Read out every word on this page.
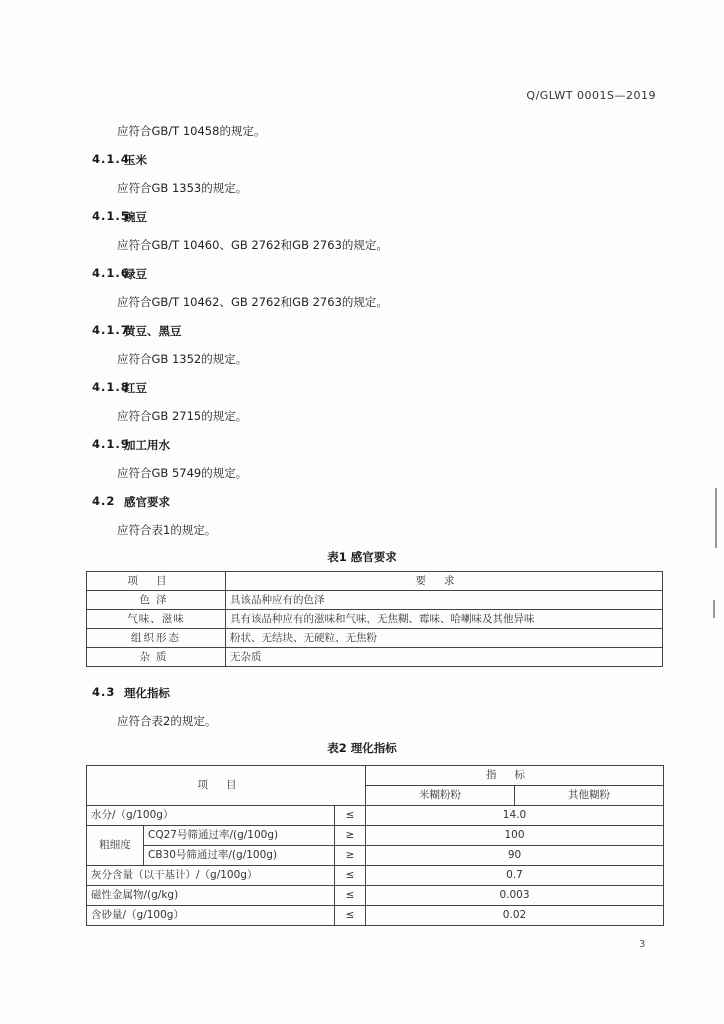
Q/GLWT 0001S—2019
应符合GB/T 10458的规定。
4.1.4
玉米
应符合GB 1353的规定。
4.1.5
豌豆
应符合GB/T 10460、GB 2762和GB 2763的规定。
4.1.6
绿豆
应符合GB/T 10462、GB 2762和GB 2763的规定。
4.1.7
黄豆、黑豆
应符合GB 1352的规定。
4.1.8
红豆
应符合GB 2715的规定。
4.1.9
加工用水
应符合GB 5749的规定。
4.2 感官要求
应符合表1的规定。
表1 感官要求
项目	要求
色泽	具该品种应有的色泽
气味、滋味	具有该品种应有的滋味和气味，无焦糊、霉味、哈喇味及其他异味
组织形态	粉状、无结块、无硬粒、无焦粉
杂质	无杂质
4.3 理化指标
应符合表2的规定。
表2 理化指标
项目			指标	
			米糊粉粉	其他糊粉
水分/（g/100g）		≤	14.0	
粗细度	CQ27号筛通过率/(g/100g)	≥	100	
	CB30号筛通过率/(g/100g)	≥	90	
灰分含量（以干基计）/（g/100g）		≤	0.7	
磁性金属物/(g/kg)		≤	0.003	
含砂量/（g/100g）		≤	0.02	
3
